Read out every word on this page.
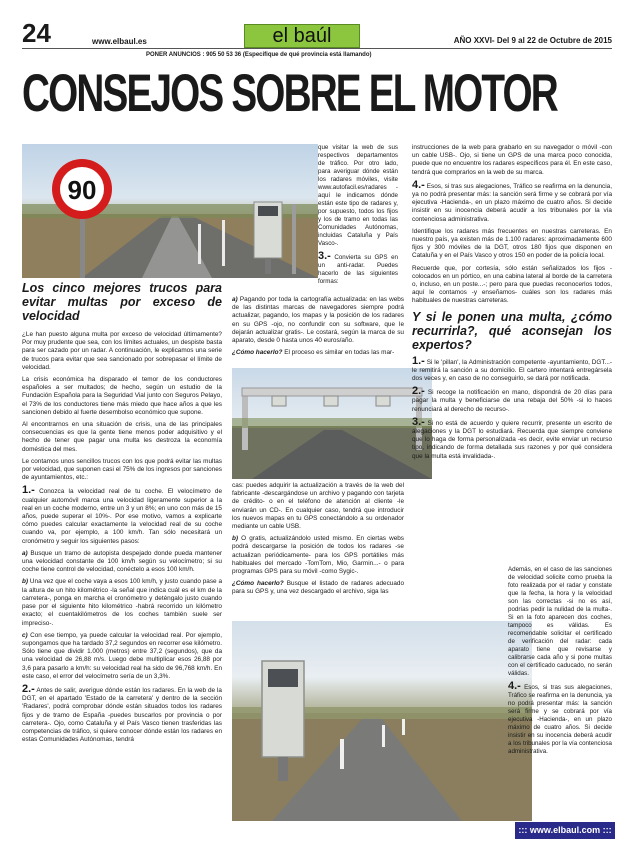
24	www.elbaul.es	el baúl	AÑO XXVI- Del 9 al 22 de Octubre de 2015
PONER ANUNCIOS : 905 50 53 36 (Especifique de qué provincia está llamando)
CONSEJOS SOBRE EL MOTOR
90

Los cinco mejores trucos para evitar multas por exceso de velocidad

¿Le han puesto alguna multa por exceso de velocidad últimamente? Por muy prudente que sea, con los límites actuales, un despiste basta para ser cazado por un radar. A continuación, le explicamos una serie de trucos para evitar que sea sancionado por sobrepasar el límite de velocidad.

La crisis económica ha disparado el temor de los conductores españoles a ser multados; de hecho, según un estudio de la Fundación Española para la Seguridad Vial junto con Seguros Pelayo, el 73% de los conductores tiene más miedo que hace años a que les sancionen debido al fuerte desembolso económico que supone.

Al encontrarnos en una situación de crisis, una de las principales consecuencias es que la gente tiene menos poder adquisitivo y el hecho de tener que pagar una multa les destroza la economía doméstica del mes.

Le contamos unos sencillos trucos con los que podrá evitar las multas por velocidad, que suponen casi el 75% de los ingresos por sanciones de ayuntamientos, etc.:

1.- Conozca la velocidad real de tu coche. El velocímetro de cualquier automóvil marca una velocidad ligeramente superior a la real en un coche moderno, entre un 3 y un 8%; en uno con más de 15 años, puede superar el 10%-. Por ese motivo, vamos a explicarte cómo puedes calcular exactamente la velocidad real de su coche cuando va, por ejemplo, a 100 km/h. Tan sólo necesitará un cronómetro y seguir los siguientes pasos:

a) Busque un tramo de autopista despejado donde pueda mantener una velocidad constante de 100 km/h según su velocímetro; si su coche tiene control de velocidad, conéctelo a esos 100 km/h.

b) Una vez que el coche vaya a esos 100 km/h, y justo cuando pase a la altura de un hito kilométrico -la señal que indica cuál es el km de la carretera-, ponga en marcha el cronómetro y deténgalo justo cuando pase por el siguiente hito kilométrico -habrá recorrido un kilómetro exacto; el cuentakilómetros de los coches también suele ser impreciso-.

c) Con ese tiempo, ya puede calcular la velocidad real. Por ejemplo, supongamos que ha tardado 37,2 segundos en recorrer ese kilómetro. Sólo tiene que dividir 1.000 (metros) entre 37,2 (segundos), que da una velocidad de 26,88 m/s. Luego debe multiplicar esos 26,88 por 3,6 para pasarlo a km/h: su velocidad real ha sido de 96,768 km/h. En este caso, el error del velocímetro sería de un 3,3%.

2.- Antes de salir, averigue dónde están los radares. En la web de la DGT, en el apartado 'Estado de la carretera' y dentro de la sección 'Radares', podrá comprobar dónde están situados todos los radares fijos y de tramo de España -puedes buscarlos por provincia o por carretera-. Ojo, como Cataluña y el País Vasco tienen trasferidas las competencias de tráfico, si quiere conocer dónde están los radares en estas Comunidades Autónomas, tendrá

que visitar la web de sus respectivos departamentos de tráfico. Por otro lado, para averiguar dónde están los radares móviles, visite www.autofacil.es/radares -aquí le indicamos dónde están este tipo de radares y, por supuesto, todos los fijos y los de tramo en todas las Comunidades Autónomas, incluidas Cataluña y País Vasco-.

3.- Convierta su GPS en un anti-radar. Puedes hacerlo de las siguientes formas:

a) Pagando por toda la cartografía actualizada: en las webs de las distintas marcas de navegadores siempre podrá actualizar, pagando, los mapas y la posición de los radares en su GPS -ojo, no confundir con su software, que le dejarán actualizar gratis-. Le costará, según la marca de su aparato, desde 0 hasta unos 40 euros/año.

¿Cómo hacerlo? El proceso es similar en todas las mar-

cas: puedes adquirir la actualización a través de la web del fabricante -descargándose un archivo y pagando con tarjeta de crédito- o en el teléfono de atención al cliente -le enviarán un CD-. En cualquier caso, tendrá que introducir los nuevos mapas en tu GPS conectándolo a su ordenador mediante un cable USB.

b) O gratis, actualizándolo usted mismo. En ciertas webs podrá descargarse la posición de todos los radares -se actualizan periódicamente- para los GPS portátiles más habituales del mercado -TomTom, Mio, Garmin...- o para programas GPS para su móvil -como Sygic-.

¿Cómo hacerlo? Busque el listado de radares adecuado para su GPS y, una vez descargado el archivo, siga las

instrucciones de la web para grabarlo en su navegador o móvil -con un cable USB-. Ojo, si tiene un GPS de una marca poco conocida, puede que no encuentre los radares específicos para él. En este caso, tendrá que comprarlos en la web de su marca.

4.- Esos, si tras sus alegaciones, Tráfico se reafirma en la denuncia, ya no podrá presentar más: la sanción será firme y se cobrará por vía ejecutiva -Hacienda-, en un plazo máximo de cuatro años. Si decide insistir en su inocencia deberá acudir a los tribunales por la vía contenciosa administrativa.

Identifique los radares más frecuentes en nuestras carreteras. En nuestro país, ya existen más de 1.100 radares: aproximadamente 600 fijos y 300 móviles de la DGT, otros 180 fijos que disponen en Cataluña y en el País Vasco y otros 150 en poder de la policía local.

Recuerde que, por cortesía, sólo están señalizados los fijos -colocados en un pórtico, en una cabina lateral al borde de la carretera o, incluso, en un poste...-; pero para que puedas reconocerlos todos, aquí le contamos -y enseñamos- cuáles son los radares más habituales de nuestras carreteras.

Y si le ponen una multa, ¿cómo recurrirla?, qué aconsejan los expertos?

1.- Si le 'pillan', la Administración competente -ayuntamiento, DGT...- le remitirá la sanción a su domicilio. El cartero intentará entregársela dos veces y, en caso de no conseguirlo, se dará por notificada.

2.- Si recoge la notificación en mano, dispondrá de 20 días para pagar la multa y beneficiarse de una rebaja del 50% -si lo haces renunciará al derecho de recurso-.

3.- Si no está de acuerdo y quiere recurrir, presente un escrito de alegaciones y la DGT lo estudiará. Recuerda que siempre conviene que lo haga de forma personalizada -es decir, evite enviar un recurso tipo, indicando de forma detallada sus razones y por qué considera que la multa está invalidada-.

Además, en el caso de las sanciones de velocidad solicite como prueba la foto realizada por el radar y constate que la fecha, la hora y la velocidad son las correctas -si no es así, podrías pedir la nulidad de la multa-. Si en la foto aparecen dos coches, tampoco es válidas. Es recomendable solicitar el certificado de verificación del radar: cada aparato tiene que revisarse y calibrarse cada año y si pone multas con el certificado caducado, no serán válidas.

4.- Esos, si tras sus alegaciones, Tráfico se reafirma en la denuncia, ya no podrá presentar más: la sanción será firme y se cobrará por vía ejecutiva -Hacienda-, en un plazo máximo de cuatro años. Si decide insistir en su inocencia deberá acudir a los tribunales por la vía contenciosa administrativa.

::: www.elbaul.com :::
